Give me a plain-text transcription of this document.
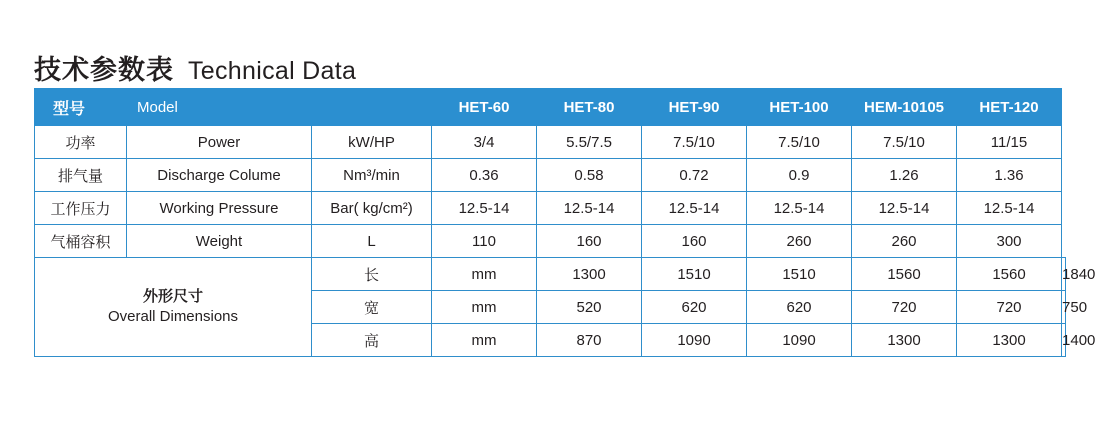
技术参数表 Technical Data
型号	Model		HET-60	HET-80	HET-90	HET-100	HEM-10105	HET-120	
功率	Power	kW/HP	3/4	5.5/7.5	7.5/10	7.5/10	7.5/10	11/15	
排气量	Discharge Colume	Nm³/min	0.36	0.58	0.72	0.9	1.26	1.36	
工作压力	Working Pressure	Bar( kg/cm²)	12.5-14	12.5-14	12.5-14	12.5-14	12.5-14	12.5-14	
气桶容积	Weight	L	110	160	160	260	260	300	

外形尺寸
Overall Dimensions		长	mm	1300	1510	1510	1560	1560	1840
		宽	mm	520	620	620	720	720	750
		高	mm	870	1090	1090	1300	1300	1400
